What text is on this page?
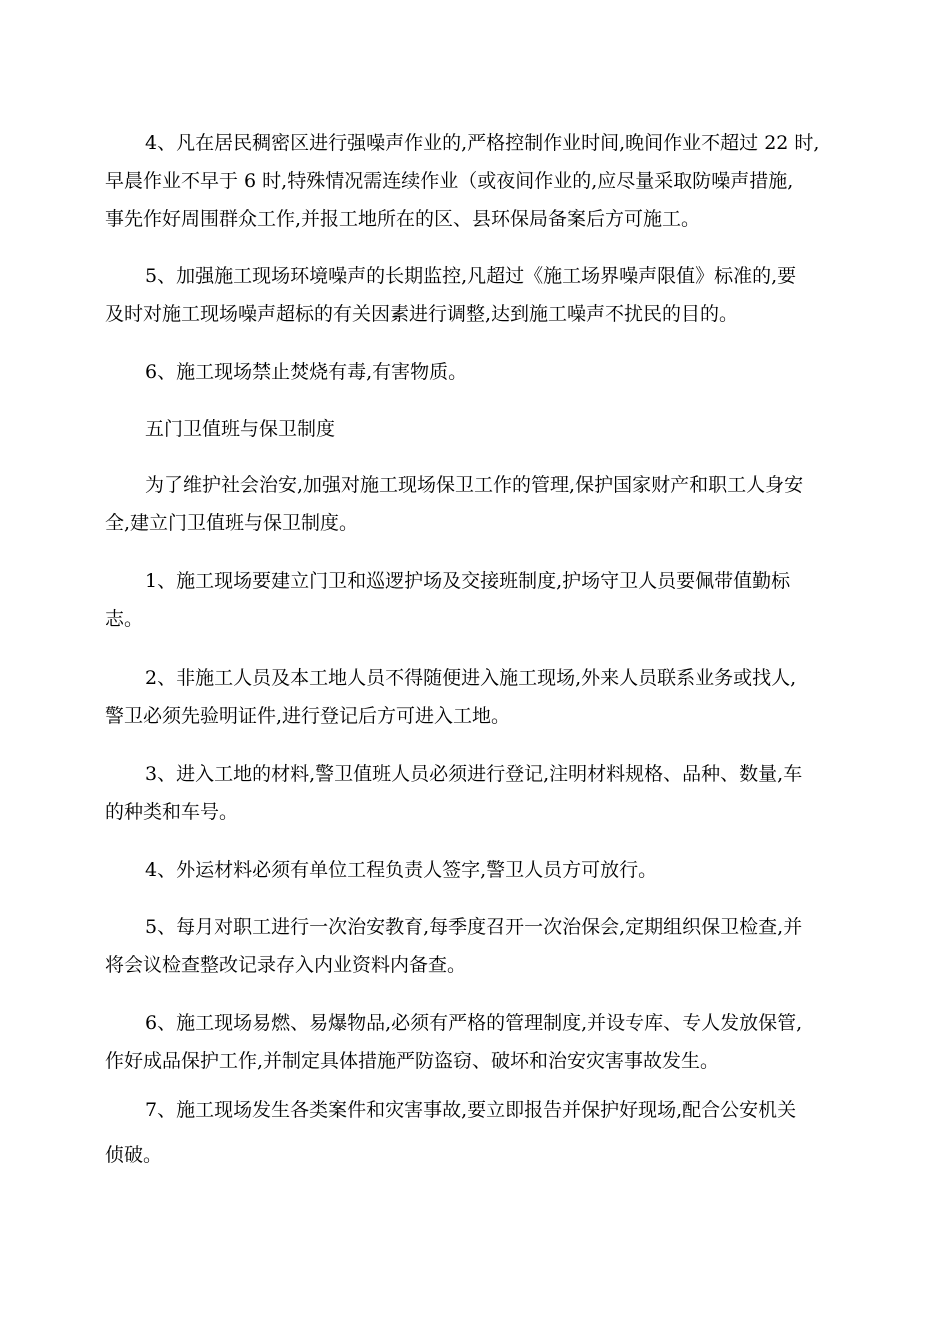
4、凡在居民稠密区进行强噪声作业的,严格控制作业时间,晚间作业不超过 22 时,
早晨作业不早于 6 时,特殊情况需连续作业（或夜间作业的,应尽量采取防噪声措施,
事先作好周围群众工作,并报工地所在的区、县环保局备案后方可施工。

5、加强施工现场环境噪声的长期监控,凡超过《施工场界噪声限值》标准的,要
及时对施工现场噪声超标的有关因素进行调整,达到施工噪声不扰民的目的。

6、施工现场禁止焚烧有毒,有害物质。

五门卫值班与保卫制度

为了维护社会治安,加强对施工现场保卫工作的管理,保护国家财产和职工人身安
全,建立门卫值班与保卫制度。

1、施工现场要建立门卫和巡逻护场及交接班制度,护场守卫人员要佩带值勤标
志。

2、非施工人员及本工地人员不得随便进入施工现场,外来人员联系业务或找人,
警卫必须先验明证件,进行登记后方可进入工地。

3、进入工地的材料,警卫值班人员必须进行登记,注明材料规格、品种、数量,车
的种类和车号。

4、外运材料必须有单位工程负责人签字,警卫人员方可放行。

5、每月对职工进行一次治安教育,每季度召开一次治保会,定期组织保卫检查,并
将会议检查整改记录存入内业资料内备查。

6、施工现场易燃、易爆物品,必须有严格的管理制度,并设专库、专人发放保管,
作好成品保护工作,并制定具体措施严防盗窃、破坏和治安灾害事故发生。

7、施工现场发生各类案件和灾害事故,要立即报告并保护好现场,配合公安机关
侦破。
